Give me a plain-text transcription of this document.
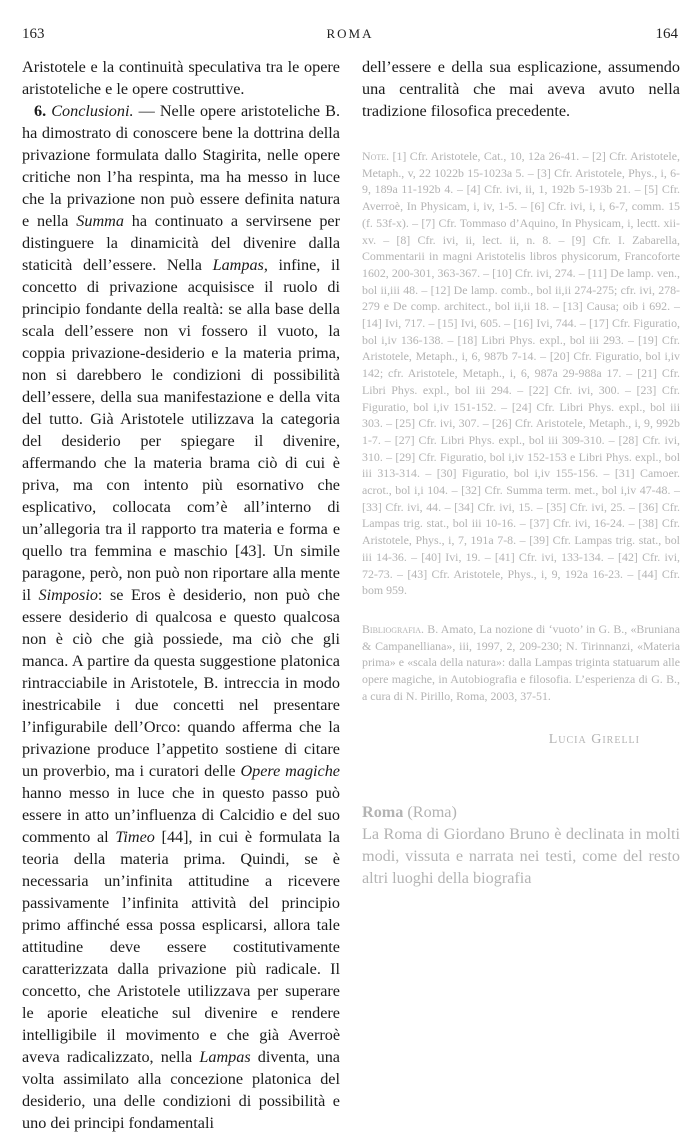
163	ROMA	164

Aristotele e la continuità speculativa tra le opere aristoteliche e le opere costruttive.

6. Conclusioni. — Nelle opere aristoteliche B. ha dimostrato di conoscere bene la dottrina della privazione formulata dallo Stagirita, nelle opere critiche non l’ha respinta, ma ha messo in luce che la privazione non può essere definita natura e nella Summa ha continuato a servirsene per distinguere la dinamicità del divenire dalla staticità dell’essere. Nella Lampas, infine, il concetto di privazione acquisisce il ruolo di principio fondante della realtà: se alla base della scala dell’essere non vi fossero il vuoto, la coppia privazione-desiderio e la materia prima, non si darebbero le condizioni di possibilità dell’essere, della sua manifestazione e della vita del tutto. Già Aristotele utilizzava la categoria del desiderio per spiegare il divenire, affermando che la materia brama ciò di cui è priva, ma con intento più esornativo che esplicativo, collocata com’è all’interno di un’allegoria tra il rapporto tra materia e forma e quello tra femmina e maschio [43]. Un simile paragone, però, non può non riportare alla mente il Simposio: se Eros è desiderio, non può che essere desiderio di qualcosa e questo qualcosa non è ciò che già possiede, ma ciò che gli manca. A partire da questa suggestione platonica rintracciabile in Aristotele, B. intreccia in modo inestricabile i due concetti nel presentare l’infigurabile dell’Orco: quando afferma che la privazione produce l’appetito sostiene di citare un proverbio, ma i curatori delle Opere magiche hanno messo in luce che in questo passo può essere in atto un’influenza di Calcidio e del suo commento al Timeo [44], in cui è formulata la teoria della materia prima. Quindi, se è necessaria un’infinita attitudine a ricevere passivamente l’infinita attività del principio primo affinché essa possa esplicarsi, allora tale attitudine deve essere costitutivamente caratterizzata dalla privazione più radicale. Il concetto, che Aristotele utilizzava per superare le aporie eleatiche sul divenire e rendere intelligibile il movimento e che già Averroè aveva radicalizzato, nella Lampas diventa, una volta assimilato alla concezione platonica del desiderio, una delle condizioni di possibilità e uno dei principi fondamentali

dell’essere e della sua esplicazione, assumendo una centralità che mai aveva avuto nella tradizione filosofica precedente.

Note. [1] Cfr. Aristotele, Cat., 10, 12a 26-41. – [2] Cfr. Aristotele, Metaph., v, 22 1022b 15-1023a 5. – [3] Cfr. Aristotele, Phys., i, 6-9, 189a 11-192b 4. – [4] Cfr. ivi, ii, 1, 192b 5-193b 21. – [5] Cfr. Averroè, In Physicam, i, iv, 1-5. – [6] Cfr. ivi, i, i, 6-7, comm. 15 (f. 53f-x). – [7] Cfr. Tommaso d’Aquino, In Physicam, i, lectt. xii-xv. – [8] Cfr. ivi, ii, lect. ii, n. 8. – [9] Cfr. I. Zabarella, Commentarii in magni Aristotelis libros physicorum, Francoforte 1602, 200-301, 363-367. – [10] Cfr. ivi, 274. – [11] De lamp. ven., bol ii,iii 48. – [12] De lamp. comb., bol ii,ii 274-275; cfr. ivi, 278-279 e De comp. architect., bol ii,ii 18. – [13] Causa; oib i 692. – [14] Ivi, 717. – [15] Ivi, 605. – [16] Ivi, 744. – [17] Cfr. Figuratio, bol i,iv 136-138. – [18] Libri Phys. expl., bol iii 293. – [19] Cfr. Aristotele, Metaph., i, 6, 987b 7-14. – [20] Cfr. Figuratio, bol i,iv 142; cfr. Aristotele, Metaph., i, 6, 987a 29-988a 17. – [21] Cfr. Libri Phys. expl., bol iii 294. – [22] Cfr. ivi, 300. – [23] Cfr. Figuratio, bol i,iv 151-152. – [24] Cfr. Libri Phys. expl., bol iii 303. – [25] Cfr. ivi, 307. – [26] Cfr. Aristotele, Metaph., i, 9, 992b 1-7. – [27] Cfr. Libri Phys. expl., bol iii 309-310. – [28] Cfr. ivi, 310. – [29] Cfr. Figuratio, bol i,iv 152-153 e Libri Phys. expl., bol iii 313-314. – [30] Figuratio, bol i,iv 155-156. – [31] Camoer. acrot., bol i,i 104. – [32] Cfr. Summa term. met., bol i,iv 47-48. – [33] Cfr. ivi, 44. – [34] Cfr. ivi, 15. – [35] Cfr. ivi, 25. – [36] Cfr. Lampas trig. stat., bol iii 10-16. – [37] Cfr. ivi, 16-24. – [38] Cfr. Aristotele, Phys., i, 7, 191a 7-8. – [39] Cfr. Lampas trig. stat., bol iii 14-36. – [40] Ivi, 19. – [41] Cfr. ivi, 133-134. – [42] Cfr. ivi, 72-73. – [43] Cfr. Aristotele, Phys., i, 9, 192a 16-23. – [44] Cfr. bom 959.
Bibliografia. B. Amato, La nozione di ‘vuoto’ in G. B., «Bruniana & Campanelliana», iii, 1997, 2, 209-230; N. Tirinnanzi, «Materia prima» e «scala della natura»: dalla Lampas triginta statuarum alle opere magiche, in Autobiografia e filosofia. L’esperienza di G. B., a cura di N. Pirillo, Roma, 2003, 37-51.
Lucia Girelli
Roma (Roma)

La Roma di Giordano Bruno è declinata in molti modi, vissuta e narrata nei testi, come del resto altri luoghi della biografia
